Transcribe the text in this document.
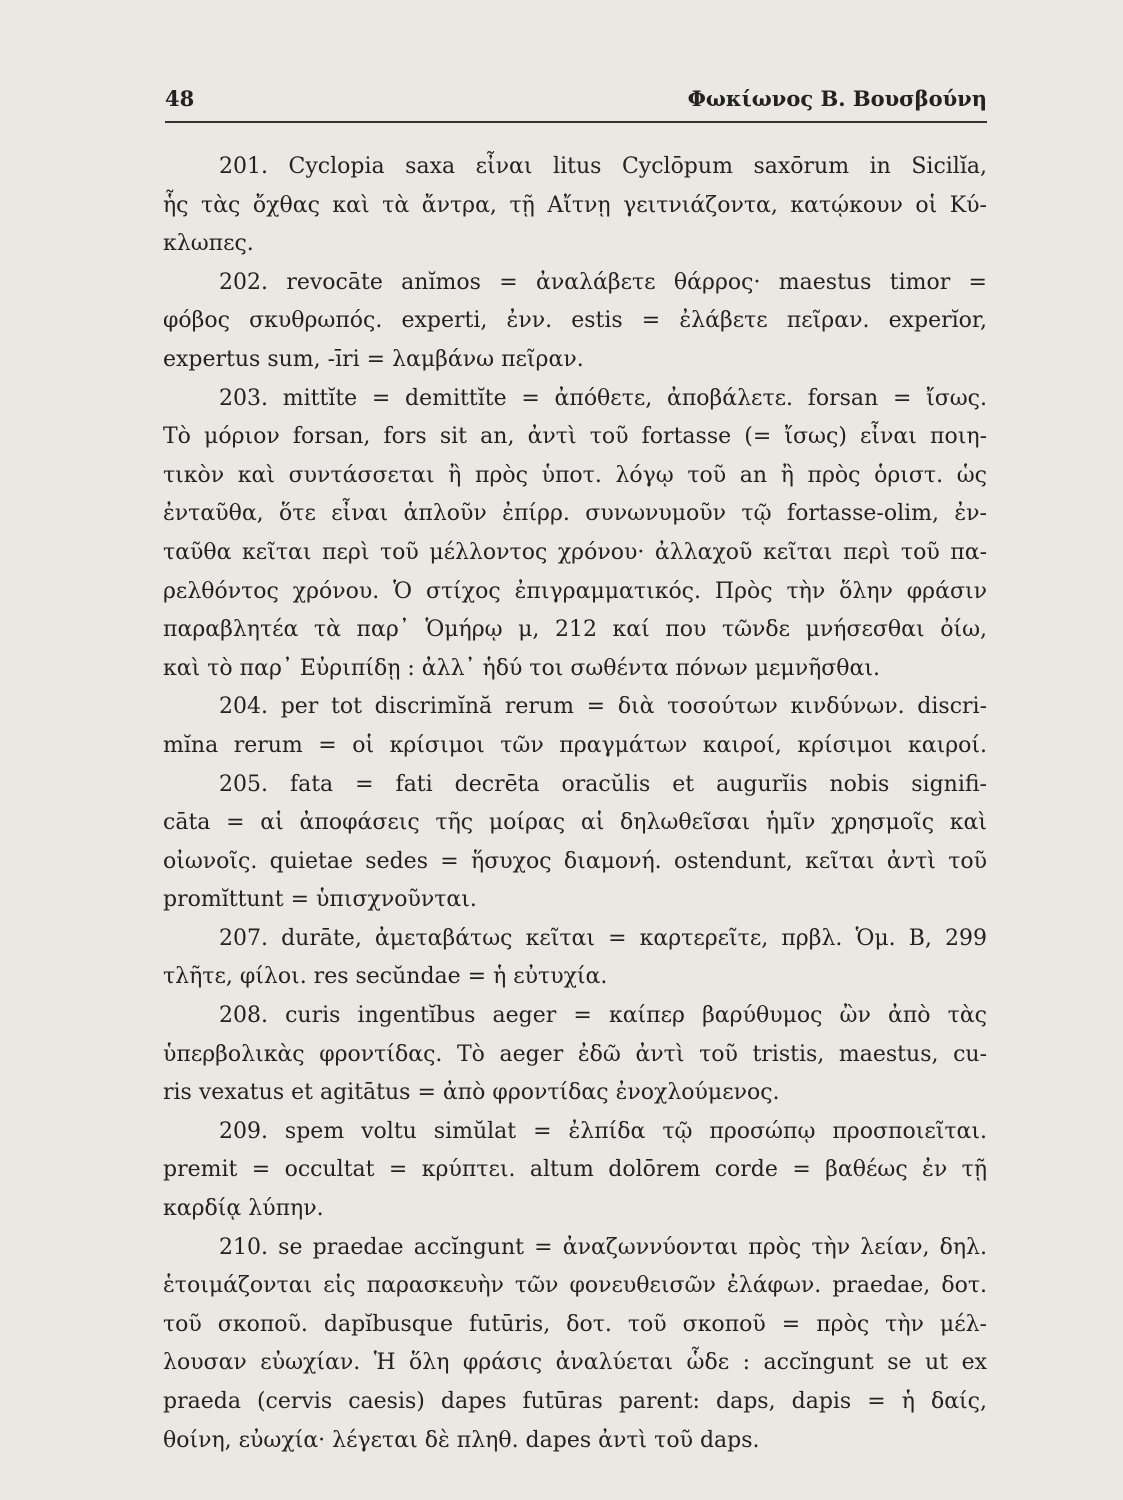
48	Φωκίωνος Β. Βουσβούνη
201. Cyclopia saxa εἶναι litus Cyclōpum saxōrum in Sicilĭa,
ἧς τὰς ὄχθας καὶ τὰ ἄντρα, τῇ Αἴτνῃ γειτνιάζοντα, κατῴκουν οἱ Κύ-
κλωπες.
202. revocāte anĭmos = ἀναλάβετε θάρρος· maestus timor =
φόβος σκυθρωπός. experti, ἐνν. estis = ἐλάβετε πεῖραν. experĭor,
expertus sum, -īri = λαμβάνω πεῖραν.
203. mittĭte = demittĭte = ἀπόθετε, ἀποβάλετε. forsan = ἴσως.
Τὸ μόριον forsan, fors sit an, ἀντὶ τοῦ fortasse (= ἴσως) εἶναι ποιη-
τικὸν καὶ συντάσσεται ἢ πρὸς ὑποτ. λόγῳ τοῦ an ἢ πρὸς ὁριστ. ὡς
ἐνταῦθα, ὅτε εἶναι ἁπλοῦν ἐπίρρ. συνωνυμοῦν τῷ fortasse-olim, ἐν-
ταῦθα κεῖται περὶ τοῦ μέλλοντος χρόνου· ἀλλαχοῦ κεῖται περὶ τοῦ πα-
ρελθόντος χρόνου. Ὁ στίχος ἐπιγραμματικός. Πρὸς τὴν ὅλην φράσιν
παραβλητέα τὰ παρ᾽ Ὁμήρῳ μ, 212 καί που τῶνδε μνήσεσθαι ὀίω,
καὶ τὸ παρ᾽ Εὐριπίδῃ : ἀλλ᾽ ἡδύ τοι σωθέντα πόνων μεμνῆσθαι.
204. per tot discrimĭnă rerum = διὰ τοσούτων κινδύνων. discri-
mĭna rerum = οἱ κρίσιμοι τῶν πραγμάτων καιροί, κρίσιμοι καιροί.
205. fata = fati decrēta oracŭlis et augurĭis nobis signifi-
cāta = αἱ ἀποφάσεις τῆς μοίρας αἱ δηλωθεῖσαι ἡμῖν χρησμοῖς καὶ
οἰωνοῖς. quietae sedes = ἥσυχος διαμονή. ostendunt, κεῖται ἀντὶ τοῦ
promĭttunt = ὑπισχνοῦνται.
207. durāte, ἀμεταβάτως κεῖται = καρτερεῖτε, πρβλ. Ὁμ. Β, 299
τλῆτε, φίλοι. res secŭndae = ἡ εὐτυχία.
208. curis ingentĭbus aeger = καίπερ βαρύθυμος ὢν ἀπὸ τὰς
ὑπερβολικὰς φροντίδας. Τὸ aeger ἐδῶ ἀντὶ τοῦ tristis, maestus, cu-
ris vexatus et agitātus = ἀπὸ φροντίδας ἐνοχλούμενος.
209. spem voltu simŭlat = ἐλπίδα τῷ προσώπῳ προσποιεῖται.
premit = occultat = κρύπτει. altum dolōrem corde = βαθέως ἐν τῇ
καρδίᾳ λύπην.
210. se praedae accĭngunt = ἀναζωννύονται πρὸς τὴν λείαν, δηλ.
ἑτοιμάζονται εἰς παρασκευὴν τῶν φονευθεισῶν ἐλάφων. praedae, δοτ.
τοῦ σκοποῦ. dapĭbusque futūris, δοτ. τοῦ σκοποῦ = πρὸς τὴν μέλ-
λουσαν εὐωχίαν. Ἡ ὅλη φράσις ἀναλύεται ὧδε : accĭngunt se ut ex
praeda (cervis caesis) dapes futūras parent: daps, dapis = ἡ δαίς,
θοίνη, εὐωχία· λέγεται δὲ πληθ. dapes ἀντὶ τοῦ daps.
